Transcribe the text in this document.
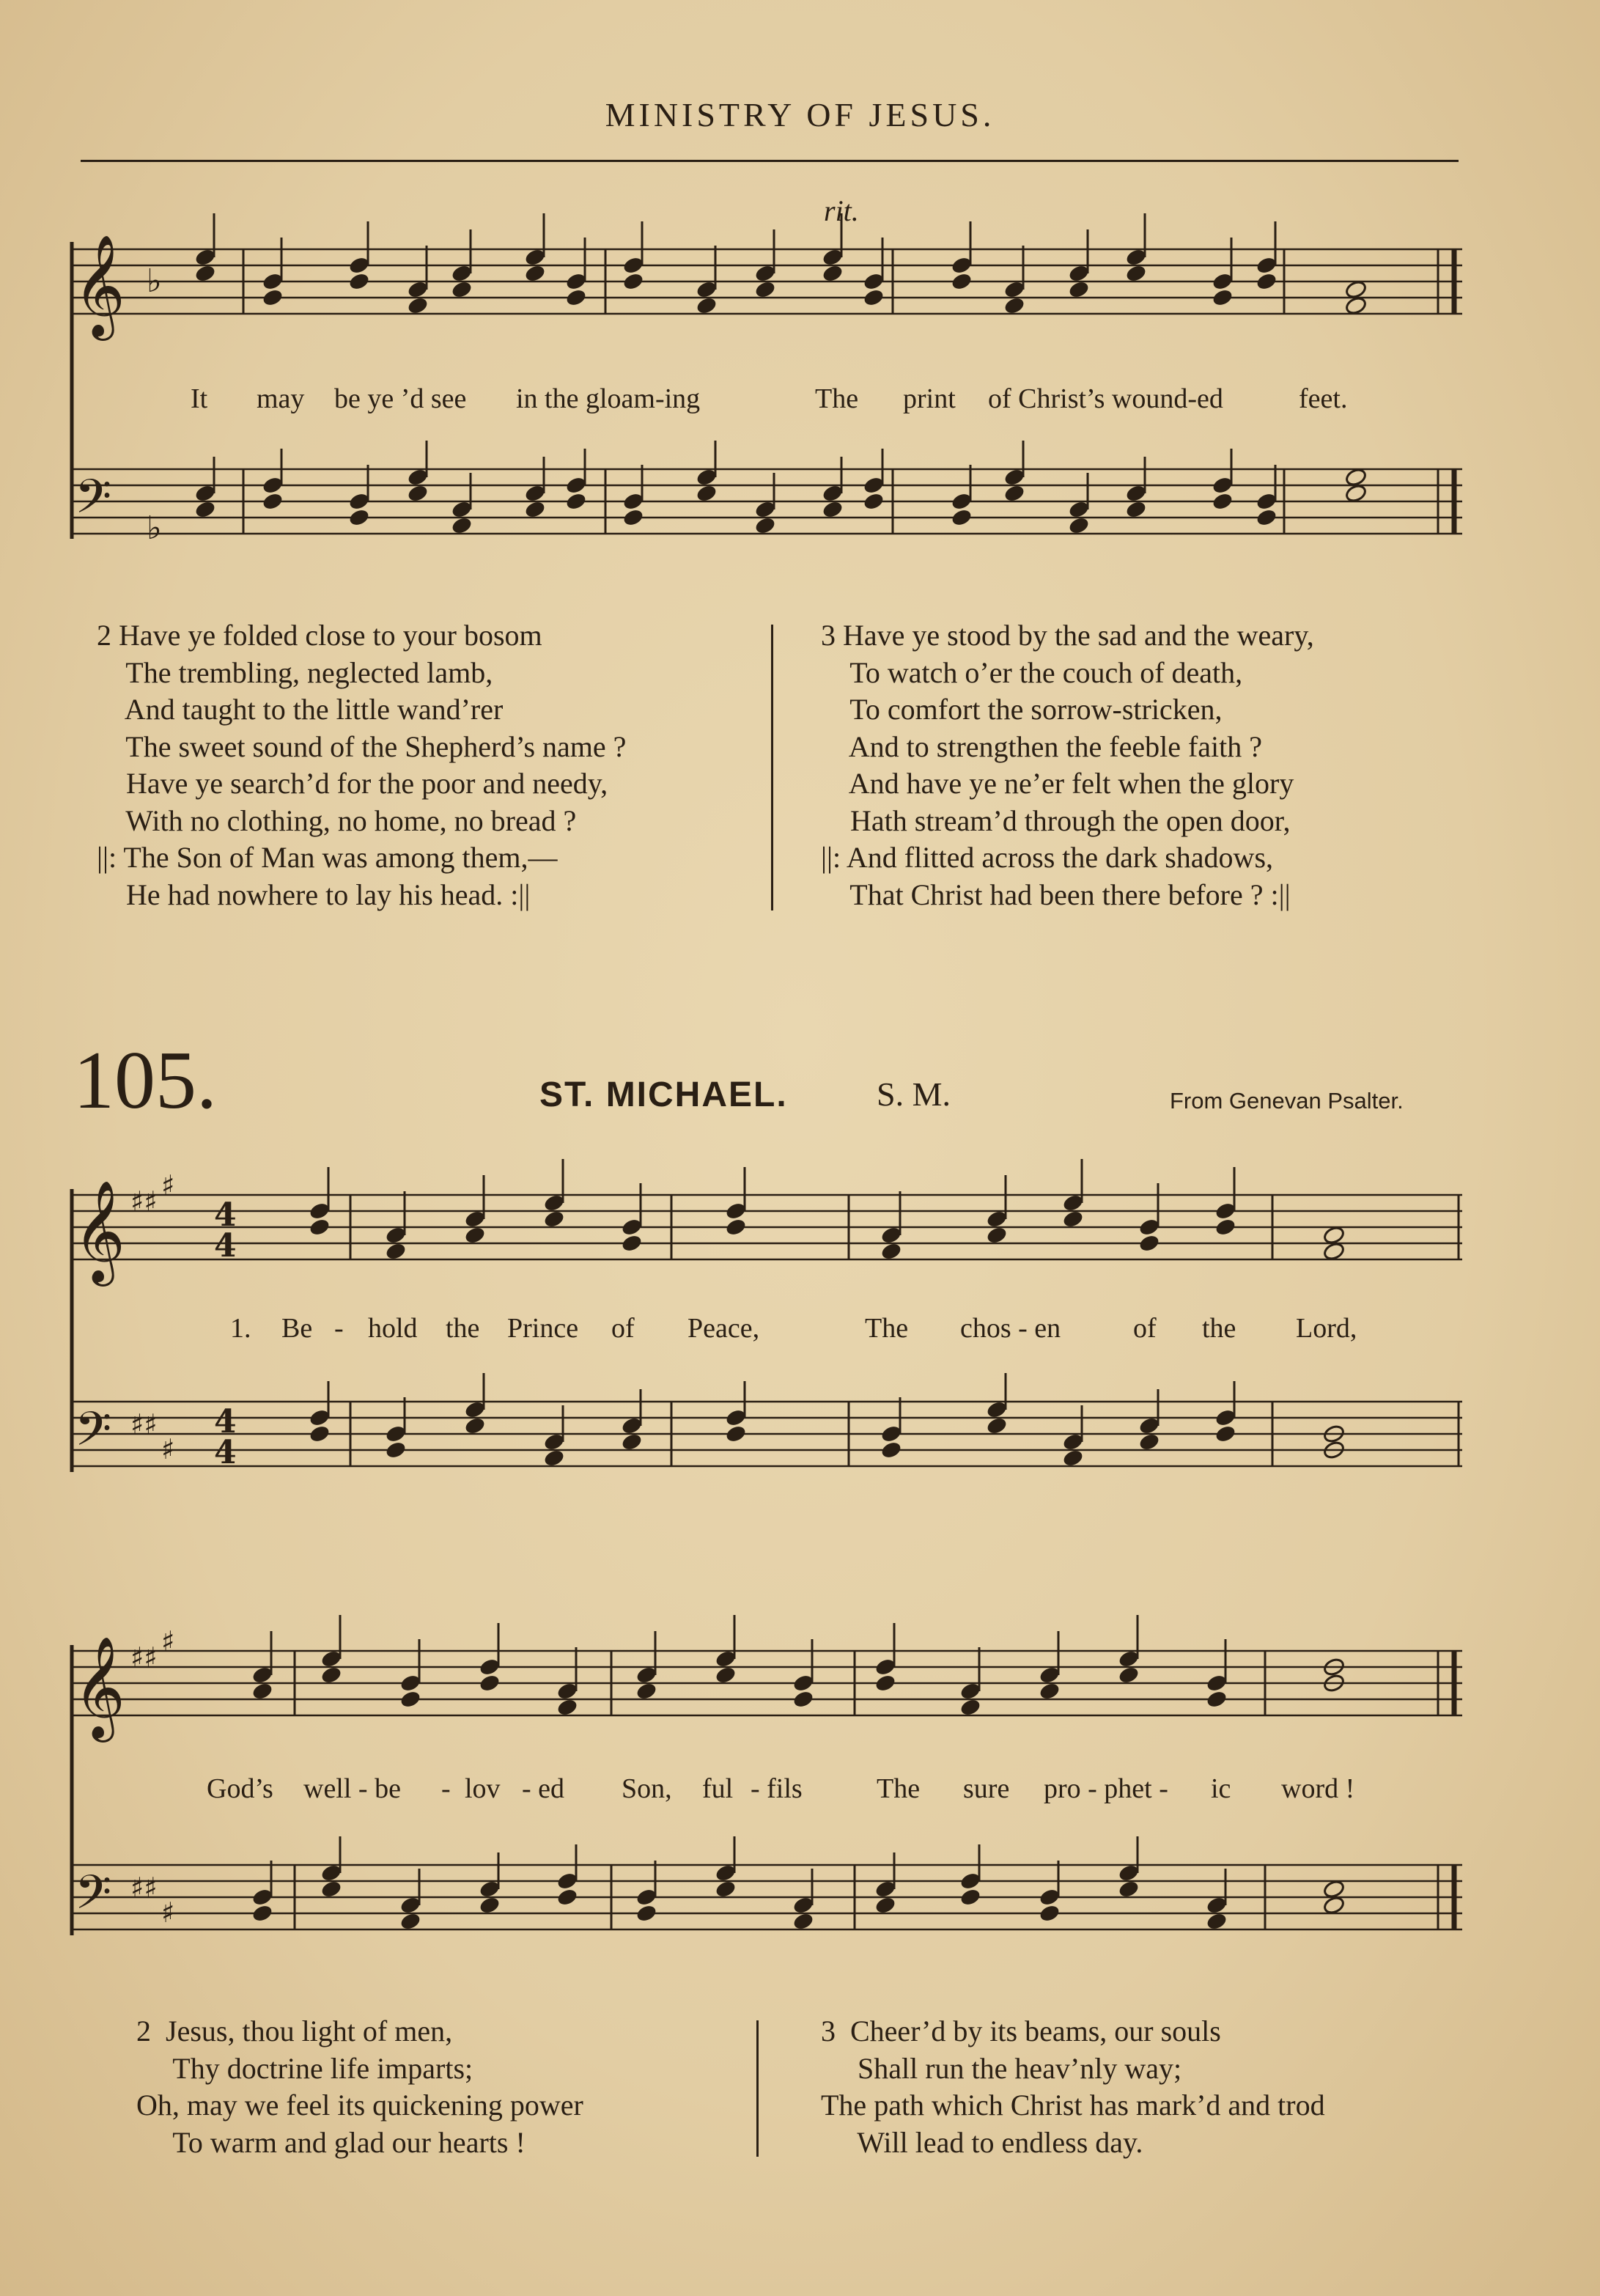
MINISTRY OF JESUS.
rit.
𝄞
𝄢
♭
♭
𝄞 ♯♯ ♯
4
4
𝄢 ♯♯
♯
4
4
𝄞 ♯♯ ♯
𝄢 ♯♯
♯
It may be ye ’d see in the gloam-ing	The print of Christ’s wound-ed	feet.
2 Have ye folded close to your bosom
The trembling, neglected lamb,
And taught to the little wand’rer
The sweet sound of the Shepherd’s name ?
Have ye search’d for the poor and needy,
With no clothing, no home, no bread ?
||: The Son of Man was among them,—
He had nowhere to lay his head. :||
3 Have ye stood by the sad and the weary,
To watch o’er the couch of death,
To comfort the sorrow-stricken,
And to strengthen the feeble faith ?
And have ye ne’er felt when the glory
Hath stream’d through the open door,
||: And flitted across the dark shadows,
That Christ had been there before ? :||
105.	ST. MICHAEL.	S. M.	From Genevan Psalter.
1. Be - hold the Prince of Peace,	The chos - en	of the Lord,
God’s well - be - lov - ed Son, ful - fils	The sure pro - phet - ic word !
2  Jesus, thou light of men,
Thy doctrine life imparts;
Oh, may we feel its quickening power
To warm and glad our hearts !
3  Cheer’d by its beams, our souls
Shall run the heav’nly way;
The path which Christ has mark’d and trod
Will lead to endless day.
